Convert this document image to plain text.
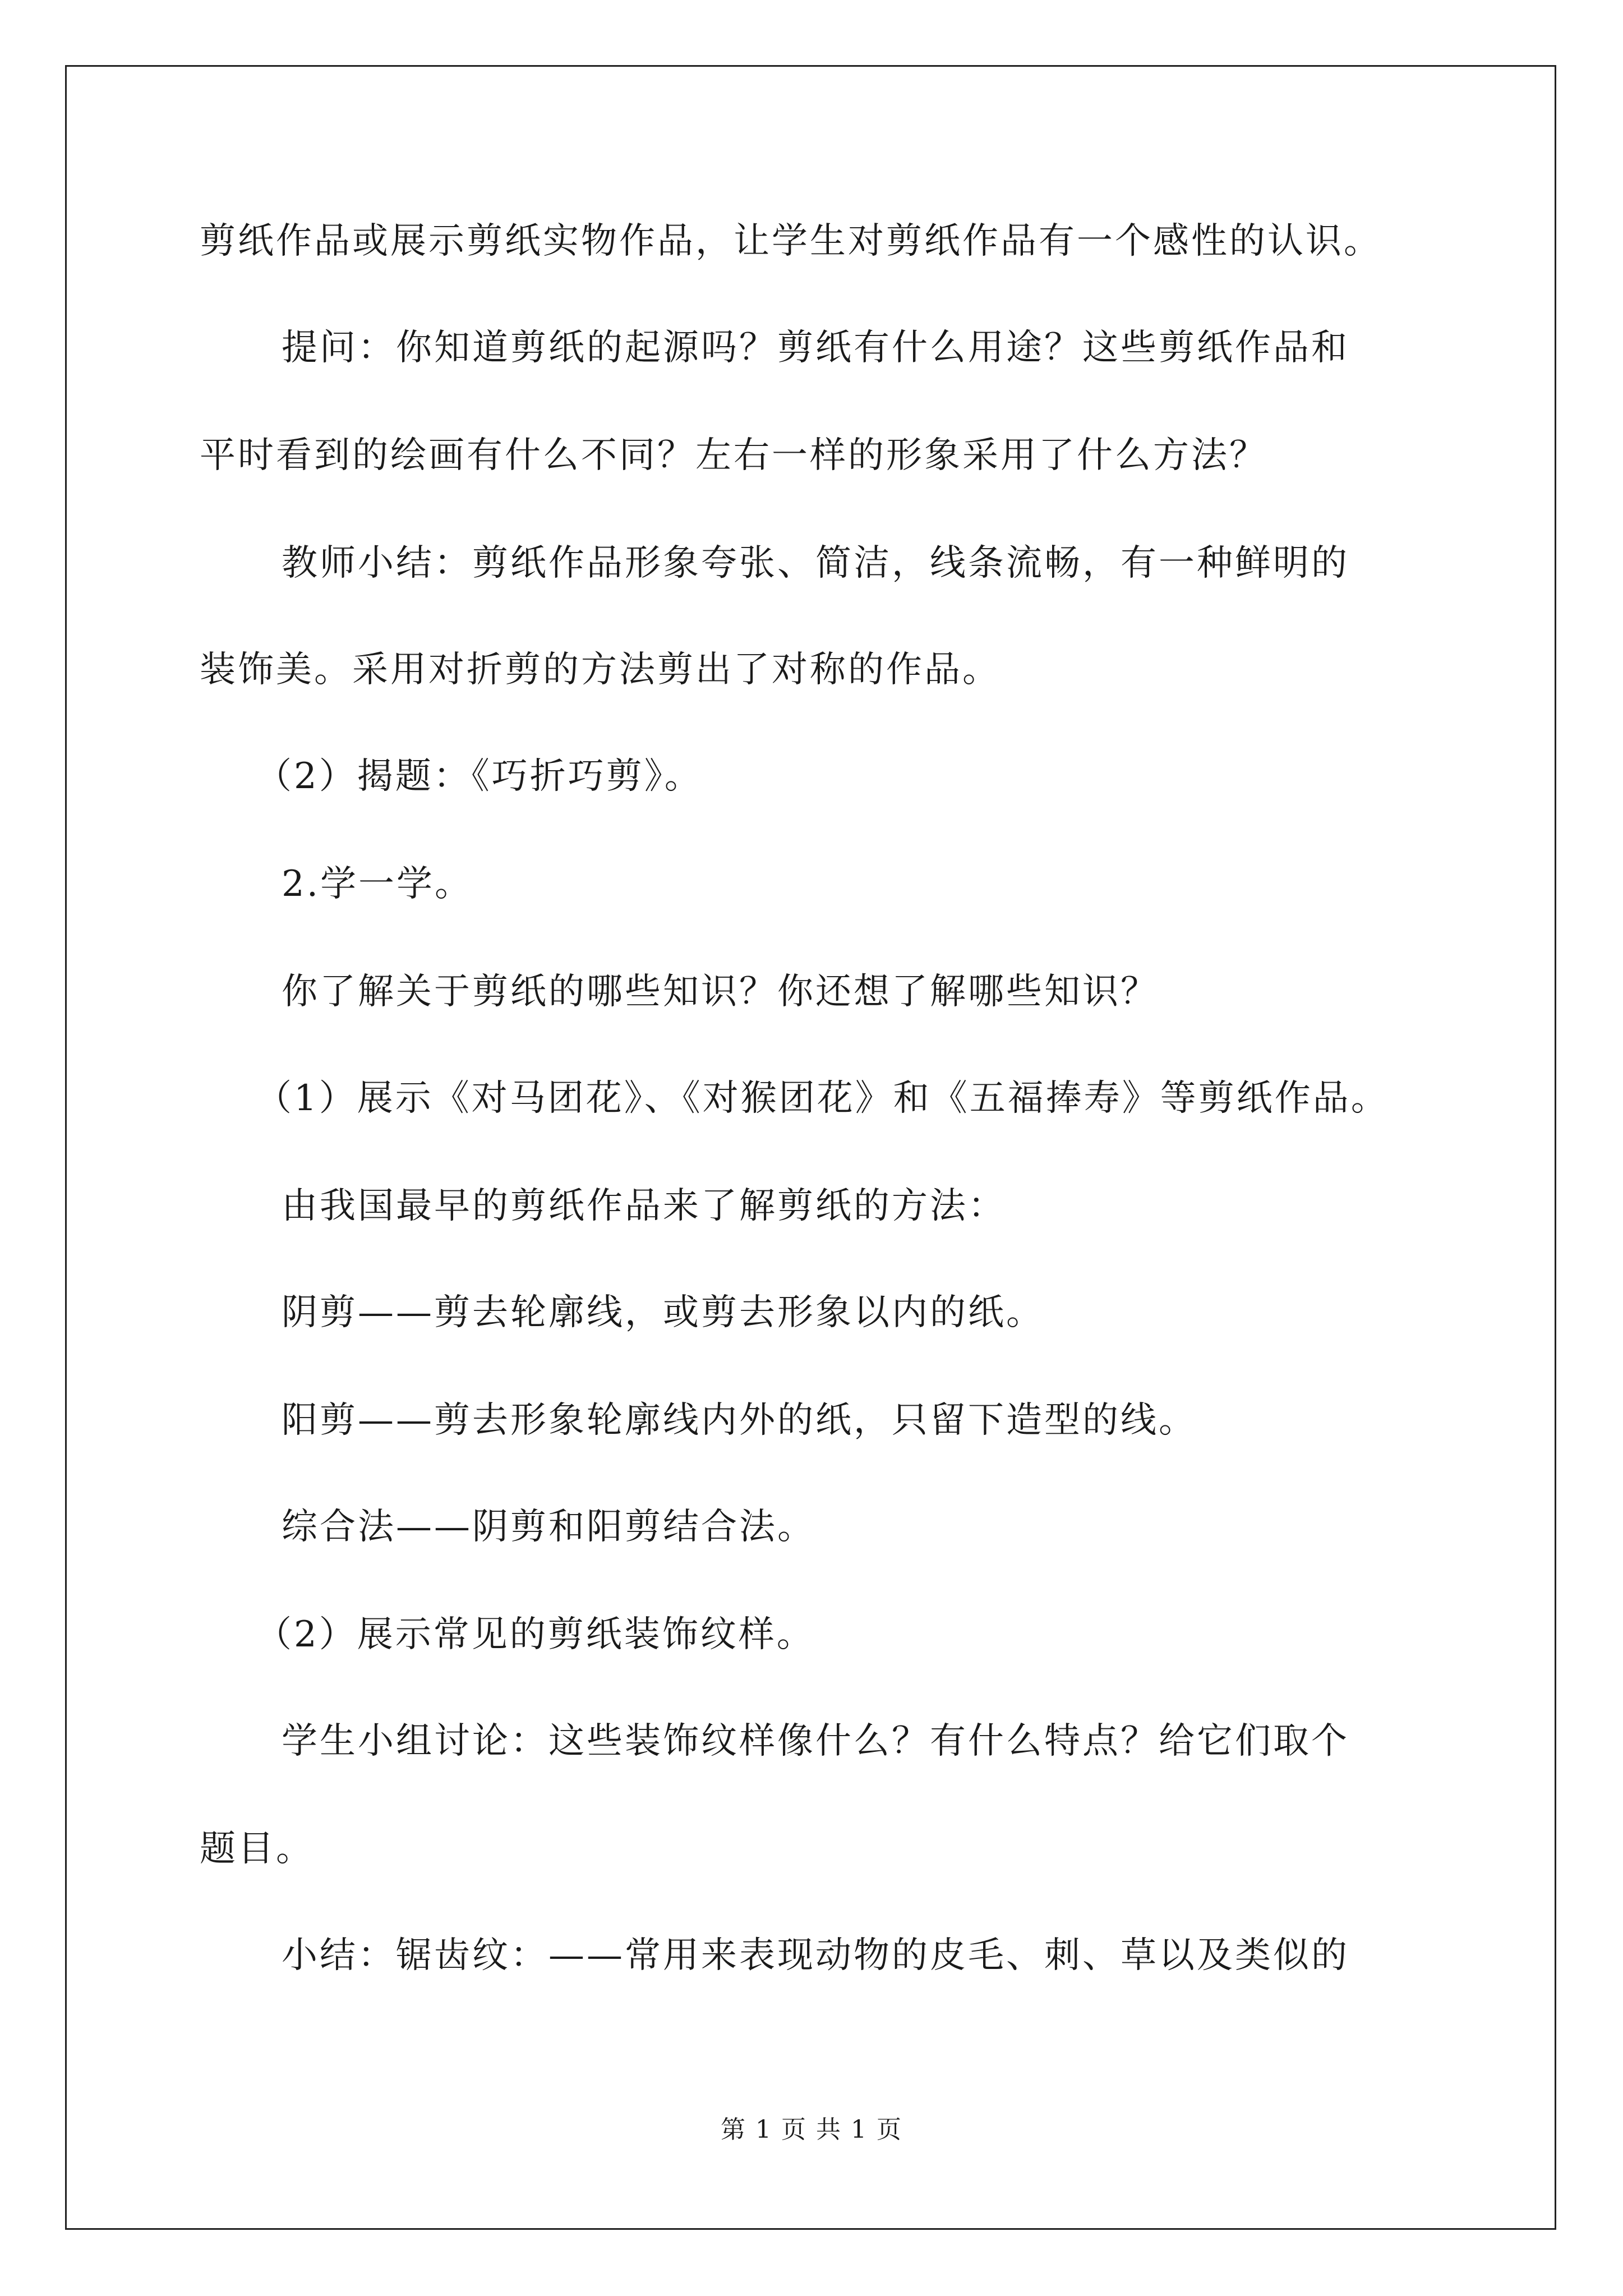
剪纸作品或展示剪纸实物作品，让学生对剪纸作品有一个感性的认识。
提问：你知道剪纸的起源吗？剪纸有什么用途？这些剪纸作品和
平时看到的绘画有什么不同？左右一样的形象采用了什么方法？
教师小结：剪纸作品形象夸张、简洁，线条流畅，有一种鲜明的
装饰美。采用对折剪的方法剪出了对称的作品。
（2）揭题：《巧折巧剪》。
2.学一学。
你了解关于剪纸的哪些知识？你还想了解哪些知识？
（1）展示《对马团花》、《对猴团花》和《五福捧寿》等剪纸作品。
由我国最早的剪纸作品来了解剪纸的方法：
阴剪——剪去轮廓线，或剪去形象以内的纸。
阳剪——剪去形象轮廓线内外的纸，只留下造型的线。
综合法——阴剪和阳剪结合法。
（2）展示常见的剪纸装饰纹样。
学生小组讨论：这些装饰纹样像什么？有什么特点？给它们取个
题目。
小结：锯齿纹：——常用来表现动物的皮毛、刺、草以及类似的
第 1 页 共 1 页
